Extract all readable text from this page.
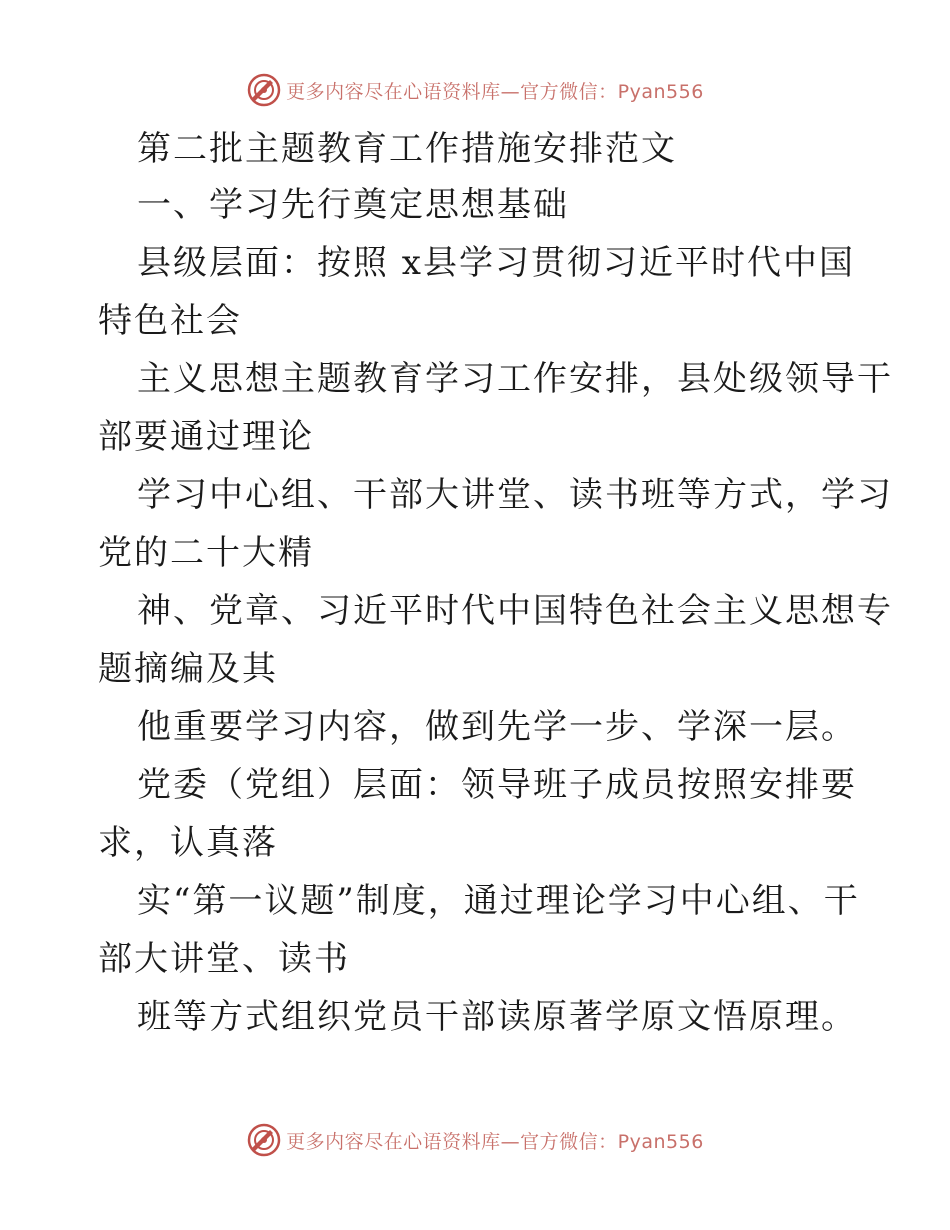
更多内容尽在心语资料库—官方微信：Pyan556
第二批主题教育工作措施安排范文
一、学习先行奠定思想基础
县级层面：按照 x县学习贯彻习近平时代中国
特色社会
主义思想主题教育学习工作安排，县处级领导干
部要通过理论
学习中心组、干部大讲堂、读书班等方式，学习
党的二十大精
神、党章、习近平时代中国特色社会主义思想专
题摘编及其
他重要学习内容，做到先学一步、学深一层。
党委（党组）层面：领导班子成员按照安排要
求，认真落
实“第一议题”制度，通过理论学习中心组、干
部大讲堂、读书
班等方式组织党员干部读原著学原文悟原理。
更多内容尽在心语资料库—官方微信：Pyan556
